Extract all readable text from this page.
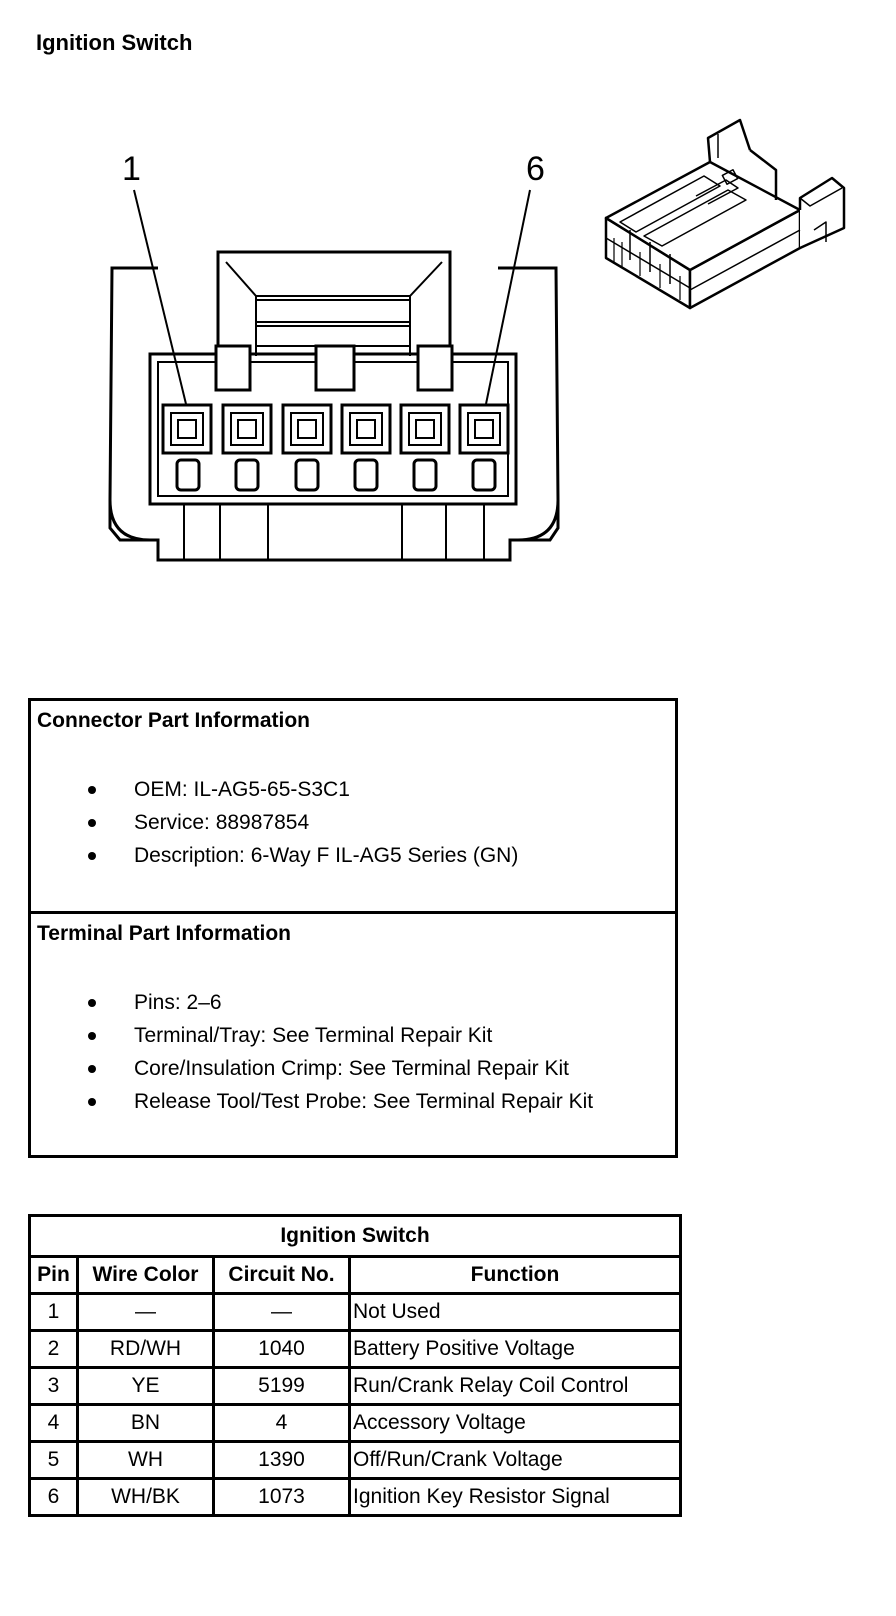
Ignition Switch
1	6
Connector Part Information
OEM: IL-AG5-65-S3C1
Service: 88987854
Description: 6-Way F IL-AG5 Series (GN)
Terminal Part Information
Pins: 2–6
Terminal/Tray: See Terminal Repair Kit
Core/Insulation Crimp: See Terminal Repair Kit
Release Tool/Test Probe: See Terminal Repair Kit
Ignition Switch			
Pin	Wire Color	Circuit No.	Function
1	—	—	Not Used
2	RD/WH	1040	Battery Positive Voltage
3	YE	5199	Run/Crank Relay Coil Control
4	BN	4	Accessory Voltage
5	WH	1390	Off/Run/Crank Voltage
6	WH/BK	1073	Ignition Key Resistor Signal
